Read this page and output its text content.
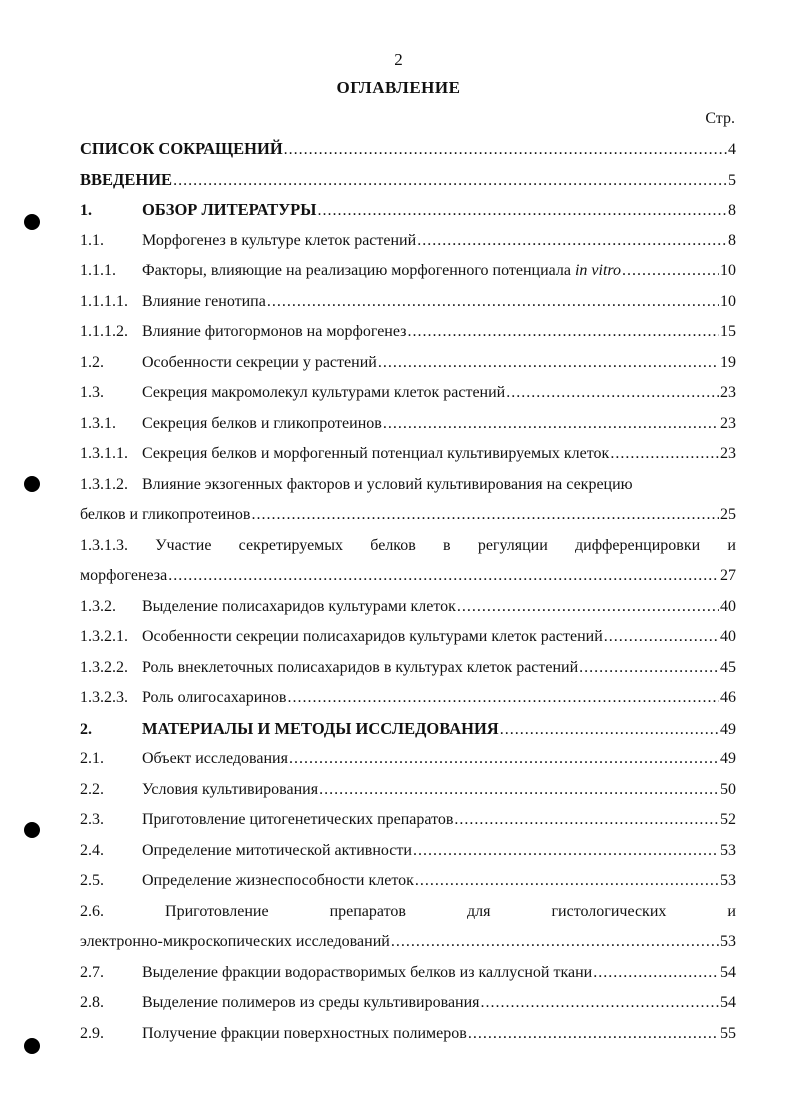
2
ОГЛАВЛЕНИЕ
Стр.
СПИСОК СОКРАЩЕНИЙ .....	4
ВВЕДЕНИЕ .....	5
1.	ОБЗОР ЛИТЕРАТУРЫ .....	8
1.1.	Морфогенез в культуре клеток растений .....	8
1.1.1.	Факторы, влияющие на реализацию морфогенного потенциала in vitro .....	10
1.1.1.1. Влияние генотипа .....	10
1.1.1.2. Влияние фитогормонов на морфогенез .....	15
1.2.	Особенности секреции у растений .....	19
1.3.	Секреция макромолекул культурами клеток растений .....	23
1.3.1.	Секреция белков и гликопротеинов .....	23
1.3.1.1. Секреция белков и морфогенный потенциал культивируемых клеток .....	23
1.3.1.2. Влияние экзогенных факторов и условий культивирования на секрецию
белков и гликопротеинов .....	25
1.3.1.3. Участие секретируемых белков в регуляции дифференцировки и
морфогенеза .....	27
1.3.2.	Выделение полисахаридов культурами клеток .....	40
1.3.2.1. Особенности секреции полисахаридов культурами клеток растений .....	40
1.3.2.2. Роль внеклеточных полисахаридов в культурах клеток растений .....	45
1.3.2.3. Роль олигосахаринов .....	46
2.	МАТЕРИАЛЫ И МЕТОДЫ ИССЛЕДОВАНИЯ .....	49
2.1.	Объект исследования .....	49
2.2.	Условия культивирования .....	50
2.3.	Приготовление цитогенетических препаратов .....	52
2.4.	Определение митотической активности .....	53
2.5.	Определение жизнеспособности клеток .....	53
2.6.	Приготовление	препаратов	для	гистологических	и
электронно-микроскопических исследований .....	53
2.7.	Выделение фракции водорастворимых белков из каллусной ткани .....	54
2.8.	Выделение полимеров из среды культивирования .....	54
2.9.	Получение фракции поверхностных полимеров .....	55
